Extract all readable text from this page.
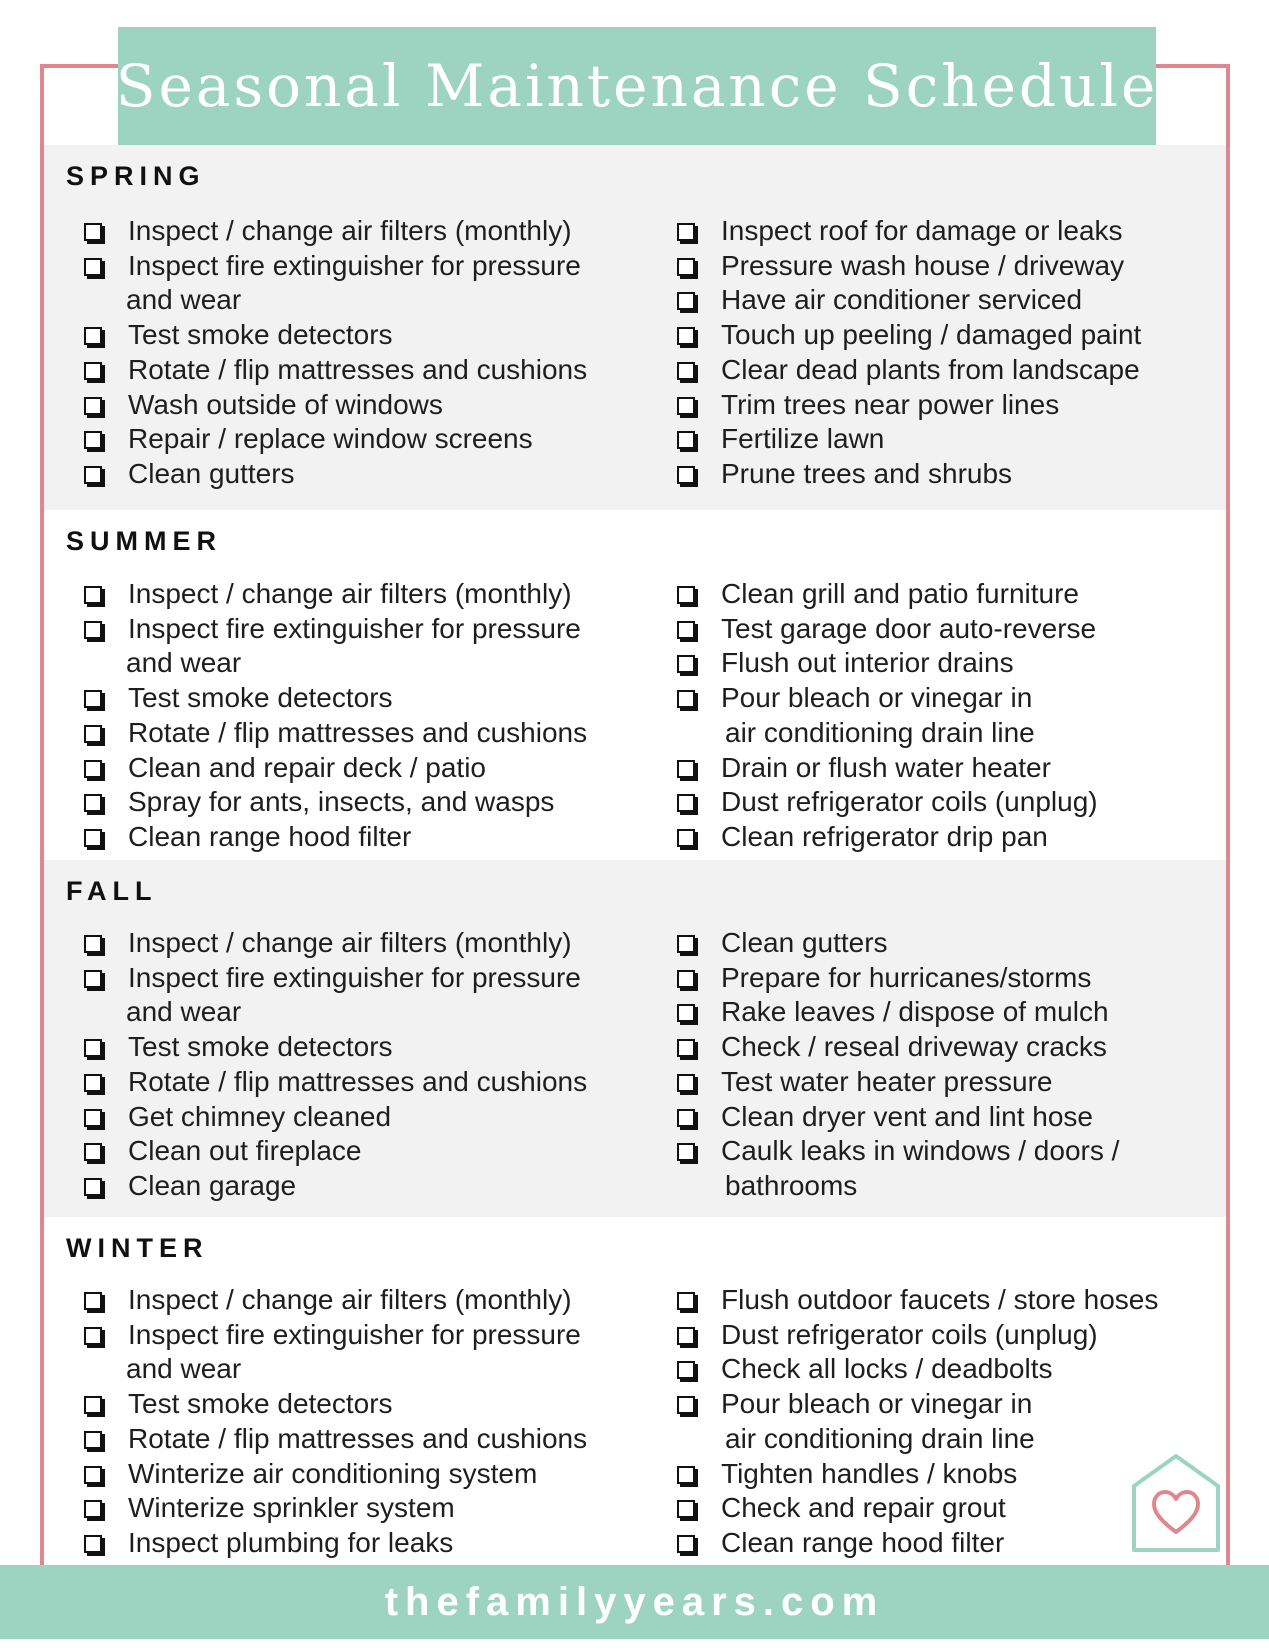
Seasonal Maintenance Schedule
SPRING
Inspect / change air filters (monthly)
Inspect fire extinguisher for pressure
and wear
Test smoke detectors
Rotate / flip mattresses and cushions
Wash outside of windows
Repair / replace window screens
Clean gutters
Inspect roof for damage or leaks
Pressure wash house / driveway
Have air conditioner serviced
Touch up peeling / damaged paint
Clear dead plants from landscape
Trim trees near power lines
Fertilize lawn
Prune trees and shrubs
SUMMER
Inspect / change air filters (monthly)
Inspect fire extinguisher for pressure
and wear
Test smoke detectors
Rotate / flip mattresses and cushions
Clean and repair deck / patio
Spray for ants, insects, and wasps
Clean range hood filter
Clean grill and patio furniture
Test garage door auto-reverse
Flush out interior drains
Pour bleach or vinegar in
air conditioning drain line
Drain or flush water heater
Dust refrigerator coils (unplug)
Clean refrigerator drip pan
FALL
Inspect / change air filters (monthly)
Inspect fire extinguisher for pressure
and wear
Test smoke detectors
Rotate / flip mattresses and cushions
Get chimney cleaned
Clean out fireplace
Clean garage
Clean gutters
Prepare for hurricanes/storms
Rake leaves / dispose of mulch
Check / reseal driveway cracks
Test water heater pressure
Clean dryer vent and lint hose
Caulk leaks in windows / doors /
bathrooms
WINTER
Inspect / change air filters (monthly)
Inspect fire extinguisher for pressure
and wear
Test smoke detectors
Rotate / flip mattresses and cushions
Winterize air conditioning system
Winterize sprinkler system
Inspect plumbing for leaks
Flush outdoor faucets / store hoses
Dust refrigerator coils (unplug)
Check all locks / deadbolts
Pour bleach or vinegar in
air conditioning drain line
Tighten handles / knobs
Check and repair grout
Clean range hood filter
thefamilyyears.com
